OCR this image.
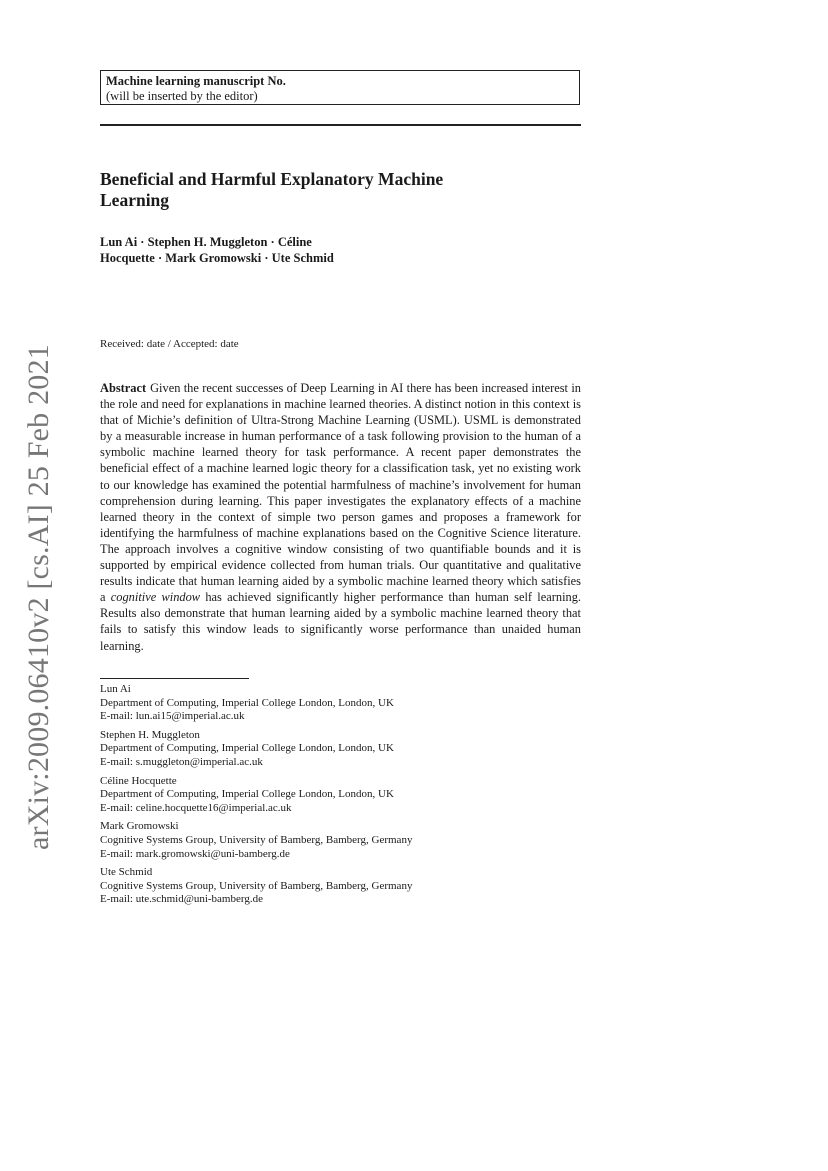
Machine learning manuscript No.
(will be inserted by the editor)
Beneficial and Harmful Explanatory Machine
Learning
Lun Ai · Stephen H. Muggleton · Céline
Hocquette · Mark Gromowski · Ute Schmid
Received: date / Accepted: date
Abstract Given the recent successes of Deep Learning in AI there has been increased interest in the role and need for explanations in machine learned theories. A distinct notion in this context is that of Michie’s definition of Ultra-Strong Machine Learning (USML). USML is demonstrated by a measurable increase in human performance of a task following provision to the human of a symbolic machine learned theory for task performance. A recent paper demonstrates the beneficial effect of a machine learned logic theory for a classification task, yet no existing work to our knowledge has examined the potential harmfulness of machine’s involvement for human comprehension during learning. This paper investigates the explanatory effects of a machine learned theory in the context of simple two person games and proposes a framework for identifying the harmfulness of machine explanations based on the Cognitive Science literature. The approach involves a cognitive window consisting of two quantifiable bounds and it is supported by empirical evidence collected from human trials. Our quantitative and qualitative results indicate that human learning aided by a symbolic machine learned theory which satisfies a cognitive window has achieved significantly higher performance than human self learning. Results also demonstrate that human learning aided by a symbolic machine learned theory that fails to satisfy this window leads to significantly worse performance than unaided human learning.
Lun Ai
Department of Computing, Imperial College London, London, UK
E-mail: lun.ai15@imperial.ac.uk
Stephen H. Muggleton
Department of Computing, Imperial College London, London, UK
E-mail: s.muggleton@imperial.ac.uk
Céline Hocquette
Department of Computing, Imperial College London, London, UK
E-mail: celine.hocquette16@imperial.ac.uk
Mark Gromowski
Cognitive Systems Group, University of Bamberg, Bamberg, Germany
E-mail: mark.gromowski@uni-bamberg.de
Ute Schmid
Cognitive Systems Group, University of Bamberg, Bamberg, Germany
E-mail: ute.schmid@uni-bamberg.de
arXiv:2009.06410v2 [cs.AI] 25 Feb 2021
